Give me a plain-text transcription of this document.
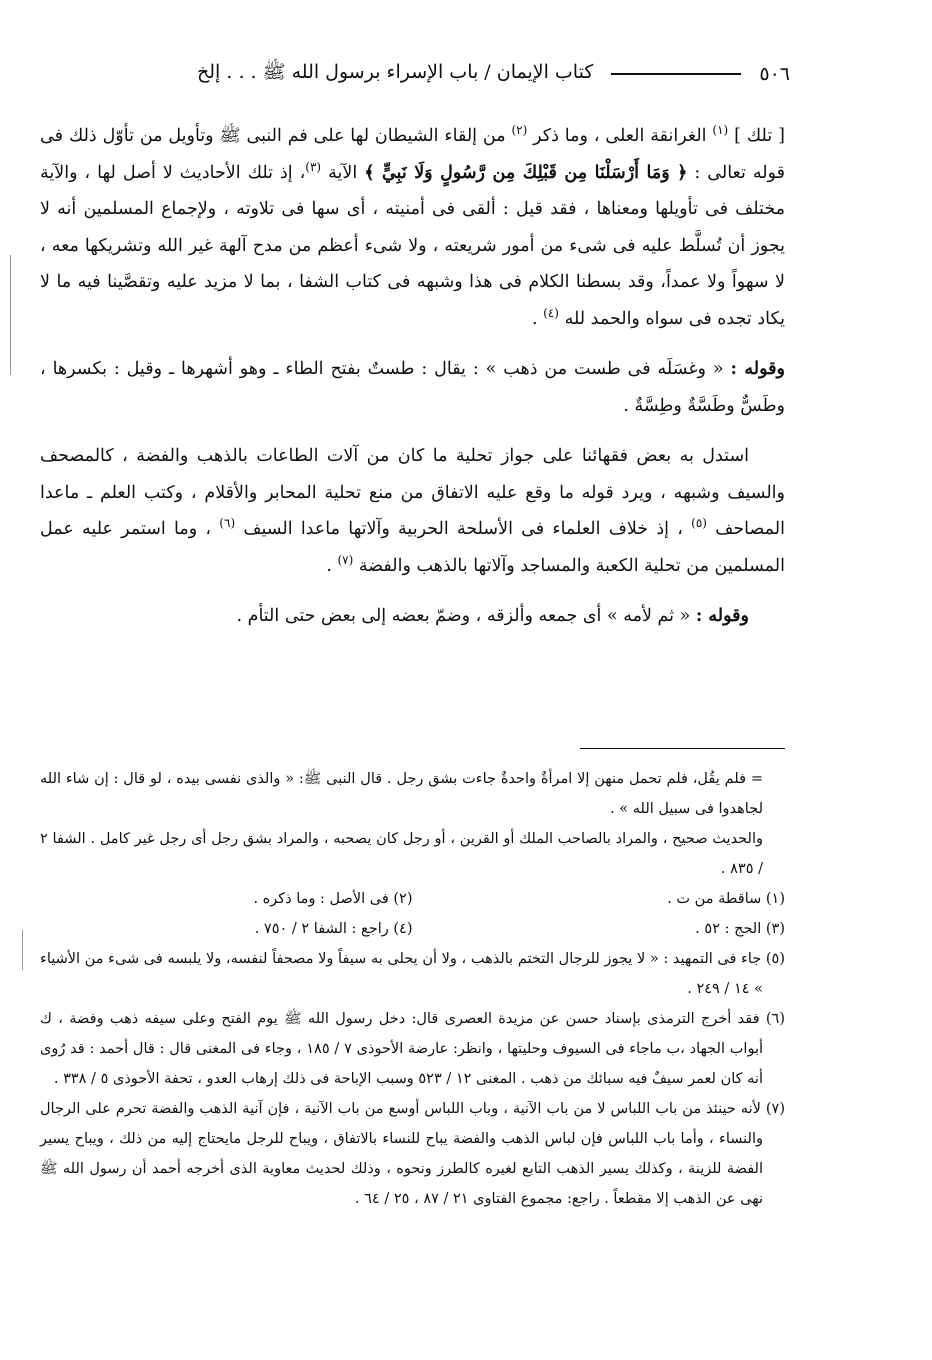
٥٠٦
كتاب الإيمان / باب الإسراء برسول الله ﷺ . . . إلخ

[ تلك ] $^{(١)}$ الغرانقة العلى ، وما ذكر $^{(٢)}$ من إلقاء الشيطان لها على فم النبى ﷺ وتأويل من تأوّل ذلك فى قوله تعالى : ﴿ وَمَا أَرْسَلْنَا مِن قَبْلِكَ مِن رَّسُولٍ وَلَا نَبِيٍّ ﴾ الآية $^{(٣)}$، إذ تلك الأحاديث لا أصل لها ، والآية مختلف فى تأويلها ومعناها ، فقد قيل : ألقى فى أمنيته ، أى سها فى تلاوته ، ولإجماع المسلمين أنه لا يجوز أن تُسلَّط عليه فى شىء من أمور شريعته ، ولا شىء أعظم من مدح آلهة غير الله وتشريكها معه ، لا سهواً ولا عمداً، وقد بسطنا الكلام فى هذا وشبهه فى كتاب الشفا ، بما لا مزيد عليه وتقصَّينا فيه ما لا يكاد تجده فى سواه والحمد لله $^{(٤)}$ .

وقوله : « وغسَلَه فى طست من ذهب » : يقال : طستٌ بفتح الطاء ـ وهو أشهرها ـ وقيل : بكسرها ، وطَسٌّ وطَسَّةٌ وطِسَّةٌ .

استدل به بعض فقهائنا على جواز تحلية ما كان من آلات الطاعات بالذهب والفضة ، كالمصحف والسيف وشبهه ، ويرد قوله ما وقع عليه الاتفاق من منع تحلية المحابر والأقلام ، وكتب العلم ـ ماعدا المصاحف $^{(٥)}$ ، إذ خلاف العلماء فى الأسلحة الحربية وآلاتها ماعدا السيف $^{(٦)}$ ، وما استمر عليه عمل المسلمين من تحلية الكعبة والمساجد وآلاتها بالذهب والفضة $^{(٧)}$ .

وقوله : « ثم لأمه » أى جمعه وألزقه ، وضمّ بعضه إلى بعض حتى التأم .

= فلم يقُل، فلم تحمل منهن إلا امرأةٌ واحدةٌ جاءت بشق رجل . قال النبى ﷺ: « والذى نفسى بيده ، لو قال : إن شاء الله لجاهدوا فى سبيل الله » .

والحديث صحيح ، والمراد بالصاحب الملك أو القرين ، أو رجل كان يصحبه ، والمراد بشق رجل أى رجل غير كامل . الشفا ٢ / ٨٣٥ .

(١) ساقطة من ت .
(٢) فى الأصل : وما ذكره .
(٣) الحج : ٥٢ .
(٤) راجع : الشفا ٢ / ٧٥٠ .

(٥) جاء فى التمهيد : « لا يجوز للرجال التختم بالذهب ، ولا أن يحلى به سيفاً ولا مصحفاً لنفسه، ولا يلبسه فى شىء من الأشياء » ١٤ / ٢٤٩ .

(٦) فقد أخرج الترمذى بإسناد حسن عن مزيدة العصرى قال: دخل رسول الله ﷺ يوم الفتح وعلى سيفه ذهب وفضة ، ك أبواب الجهاد ،ب ماجاء فى السيوف وحليتها ، وانظر: عارضة الأحوذى ٧ / ١٨٥ ، وجاء فى المغنى قال : قال أحمد : قد رُوى أنه كان لعمر سيفٌ فيه سبائك من ذهب . المغنى ١٢ / ٥٢٣ وسبب الإباحة فى ذلك إرهاب العدو ، تحفة الأحوذى ٥ / ٣٣٨ .

(٧) لأنه حينئذ من باب اللباس لا من باب الآنية ، وباب اللباس أوسع من باب الآنية ، فإن آنية الذهب والفضة تحرم على الرجال والنساء ، وأما باب اللباس فإن لباس الذهب والفضة يباح للنساء بالاتفاق ، ويباح للرجل مايحتاج إليه من ذلك ، ويباح يسير الفضة للزينة ، وكذلك يسير الذهب التابع لغيره كالطرز ونحوه ، وذلك لحديث معاوية الذى أخرجه أحمد أن رسول الله ﷺ نهى عن الذهب إلا مقطعاً . راجع: مجموع الفتاوى ٢١ / ٨٧ ، ٢٥ / ٦٤ .
